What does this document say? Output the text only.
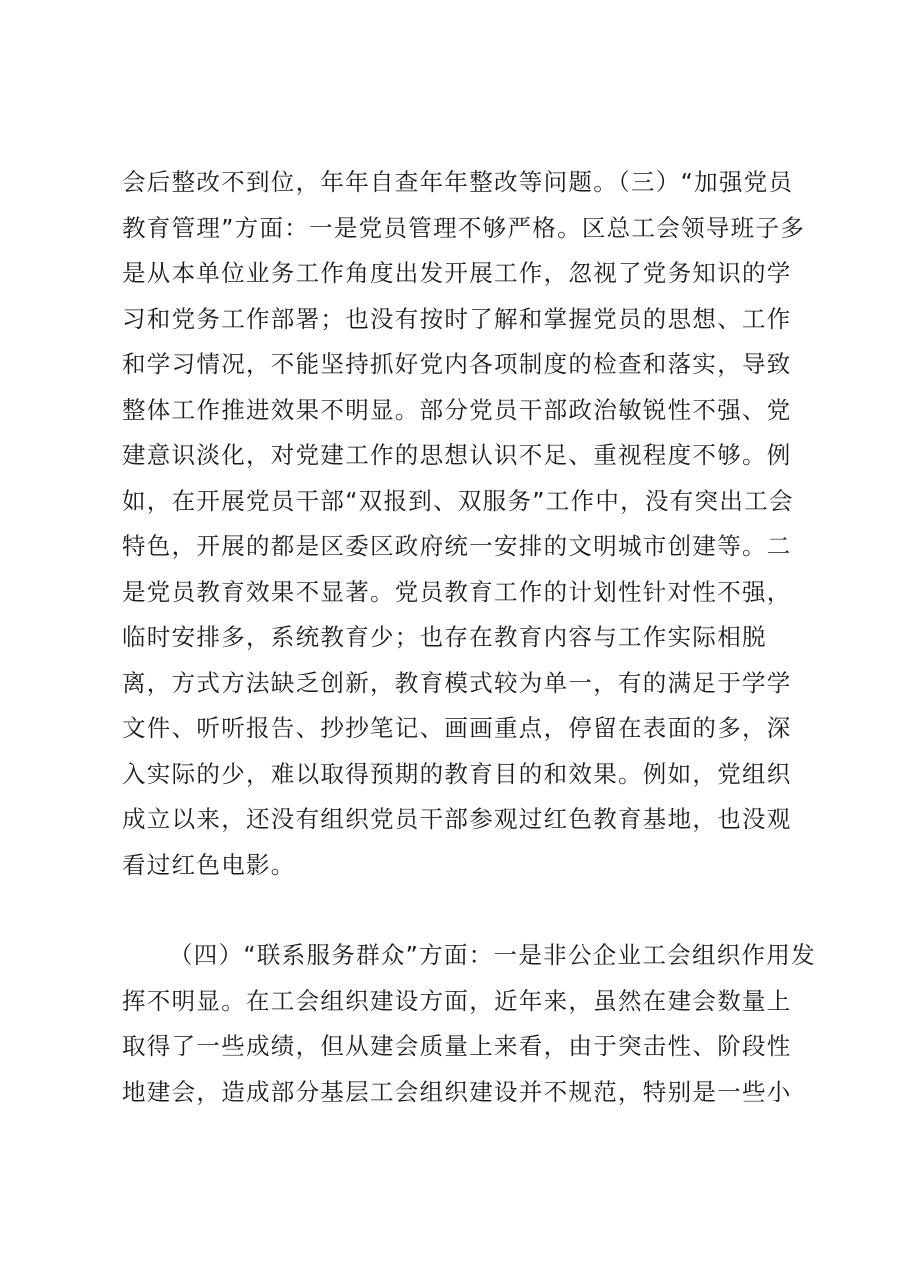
会后整改不到位，年年自查年年整改等问题。（三）“加强党员
教育管理”方面：一是党员管理不够严格。区总工会领导班子多
是从本单位业务工作角度出发开展工作，忽视了党务知识的学
习和党务工作部署；也没有按时了解和掌握党员的思想、工作
和学习情况，不能坚持抓好党内各项制度的检查和落实，导致
整体工作推进效果不明显。部分党员干部政治敏锐性不强、党
建意识淡化，对党建工作的思想认识不足、重视程度不够。例
如，在开展党员干部“双报到、双服务”工作中，没有突出工会
特色，开展的都是区委区政府统一安排的文明城市创建等。二
是党员教育效果不显著。党员教育工作的计划性针对性不强，
临时安排多，系统教育少；也存在教育内容与工作实际相脱
离，方式方法缺乏创新，教育模式较为单一，有的满足于学学
文件、听听报告、抄抄笔记、画画重点，停留在表面的多，深
入实际的少，难以取得预期的教育目的和效果。例如，党组织
成立以来，还没有组织党员干部参观过红色教育基地，也没观
看过红色电影。
（四）“联系服务群众”方面：一是非公企业工会组织作用发
挥不明显。在工会组织建设方面，近年来，虽然在建会数量上
取得了一些成绩，但从建会质量上来看，由于突击性、阶段性
地建会，造成部分基层工会组织建设并不规范，特别是一些小
